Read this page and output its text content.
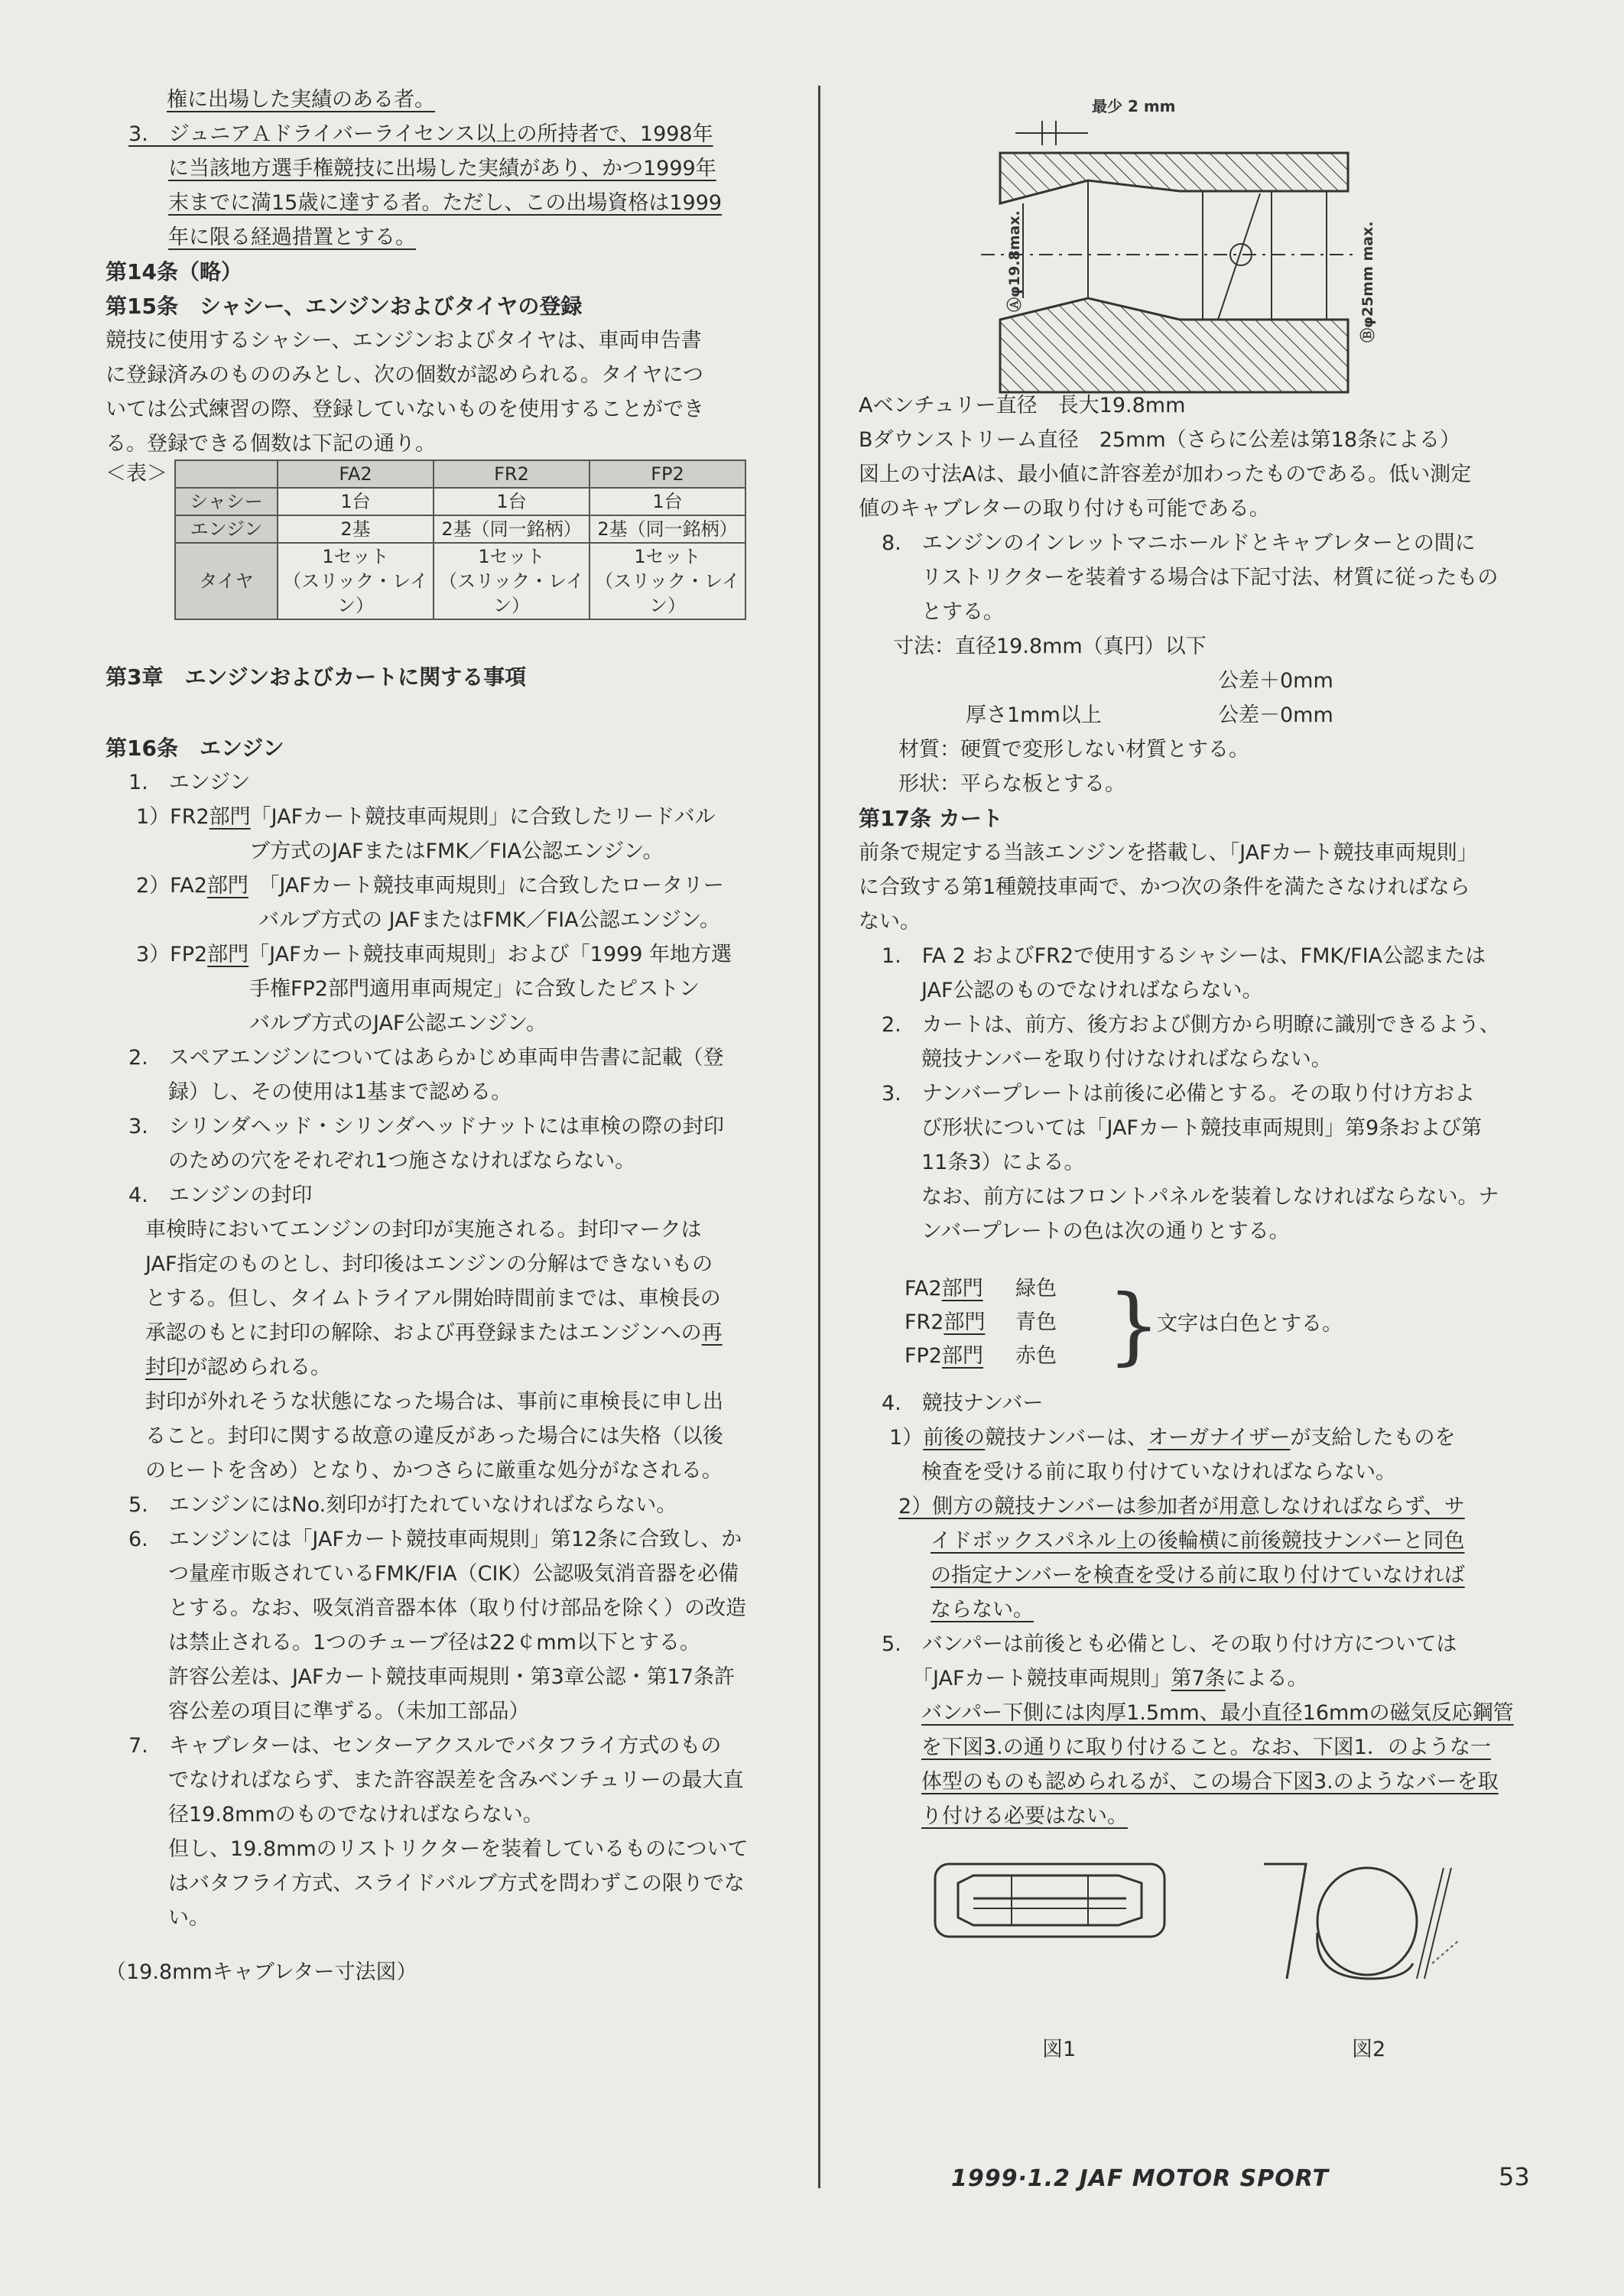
権に出場した実績のある者。

3.　ジュニアＡドライバーライセンス以上の所持者で、1998年
に当該地方選手権競技に出場した実績があり、かつ1999年
末までに満15歳に達する者。ただし、この出場資格は1999
年に限る経過措置とする。

第14条（略）

第15条　シャシー、エンジンおよびタイヤの登録

競技に使用するシャシー、エンジンおよびタイヤは、車両申告書
に登録済みのもののみとし、次の個数が認められる。タイヤにつ
いては公式練習の際、登録していないものを使用することができ
る。登録できる個数は下記の通り。

＜表＞
		FA2	FR2	FP2
シャシー	1台	1台	1台
エンジン	2基	2基（同一銘柄）	2基（同一銘柄）
タイヤ	1セット
（スリック・レイン）	1セット
（スリック・レイン）	1セット
（スリック・レイン）

第3章　エンジンおよびカートに関する事項

第16条　エンジン

1.　エンジン

1）FR2部門「JAFカート競技車両規則」に合致したリードバル
ブ方式のJAFまたはFMK／FIA公認エンジン。

2）FA2部門　「JAFカート競技車両規則」に合致したロータリー
バルブ方式の JAFまたはFMK／FIA公認エンジン。

3）FP2部門「JAFカート競技車両規則」および「1999 年地方選
手権FP2部門適用車両規定」に合致したピストン
バルブ方式のJAF公認エンジン。

2.　スペアエンジンについてはあらかじめ車両申告書に記載（登
録）し、その使用は1基まで認める。

3.　シリンダヘッド・シリンダヘッドナットには車検の際の封印
のための穴をそれぞれ1つ施さなければならない。

4.　エンジンの封印

車検時においてエンジンの封印が実施される。封印マークは
JAF指定のものとし、封印後はエンジンの分解はできないもの
とする。但し、タイムトライアル開始時間前までは、車検長の
承認のもとに封印の解除、および再登録またはエンジンへの再
封印が認められる。
封印が外れそうな状態になった場合は、事前に車検長に申し出
ること。封印に関する故意の違反があった場合には失格（以後
のヒートを含め）となり、かつさらに厳重な処分がなされる。

5.　エンジンにはNo.刻印が打たれていなければならない。

6.　エンジンには「JAFカート競技車両規則」第12条に合致し、か
つ量産市販されているFMK/FIA（CIK）公認吸気消音器を必備
とする。なお、吸気消音器本体（取り付け部品を除く）の改造
は禁止される。1つのチューブ径は22￠mm以下とする。
許容公差は、JAFカート競技車両規則・第3章公認・第17条許
容公差の項目に準ずる。（未加工部品）

7.　キャブレターは、センターアクスルでバタフライ方式のもの
でなければならず、また許容誤差を含みベンチュリーの最大直
径19.8mmのものでなければならない。
但し、19.8mmのリストリクターを装着しているものについて
はバタフライ方式、スライドバルブ方式を問わずこの限りでな
い。

（19.8mmキャブレター寸法図）

最少 2 mm
Ⓐφ19.8max.	Ⓑφ25mm max.

Aベンチュリー直径　長大19.8mm

Bダウンストリーム直径　25mm（さらに公差は第18条による）

図上の寸法Aは、最小値に許容差が加わったものである。低い測定
値のキャブレターの取り付けも可能である。

8.　エンジンのインレットマニホールドとキャブレターとの間に
リストリクターを装着する場合は下記寸法、材質に従ったもの
とする。

寸法：直径19.8mm（真円）以下

公差＋0mm

厚さ1mm以上	公差－0mm

材質：硬質で変形しない材質とする。

形状：平らな板とする。

第17条 カート

前条で規定する当該エンジンを搭載し、「JAFカート競技車両規則」
に合致する第1種競技車両で、かつ次の条件を満たさなければなら
ない。

1.　FA 2 およびFR2で使用するシャシーは、FMK/FIA公認または
JAF公認のものでなければならない。

2.　カートは、前方、後方および側方から明瞭に識別できるよう、
競技ナンバーを取り付けなければならない。

3.　ナンバープレートは前後に必備とする。その取り付け方およ
び形状については「JAFカート競技車両規則」第9条および第
11条3）による。
なお、前方にはフロントパネルを装着しなければならない。ナ
ンバープレートの色は次の通りとする。

FA2部門 緑色
FR2部門 青色
FP2部門 赤色 }
文字は白色とする。

4.　競技ナンバー

1）前後の競技ナンバーは、オーガナイザーが支給したものを
検査を受ける前に取り付けていなければならない。

2）側方の競技ナンバーは参加者が用意しなければならず、サ
イドボックスパネル上の後輪横に前後競技ナンバーと同色
の指定ナンバーを検査を受ける前に取り付けていなければ
ならない。

5.　バンパーは前後とも必備とし、その取り付け方については
「JAFカート競技車両規則」第7条による。
バンパー下側には肉厚1.5mm、最小直径16mmの磁気反応鋼管
を下図3.の通りに取り付けること。なお、下図1．のような一
体型のものも認められるが、この場合下図3.のようなバーを取
り付ける必要はない。

図1	図2
1999·1.2 JAF MOTOR SPORT	53
